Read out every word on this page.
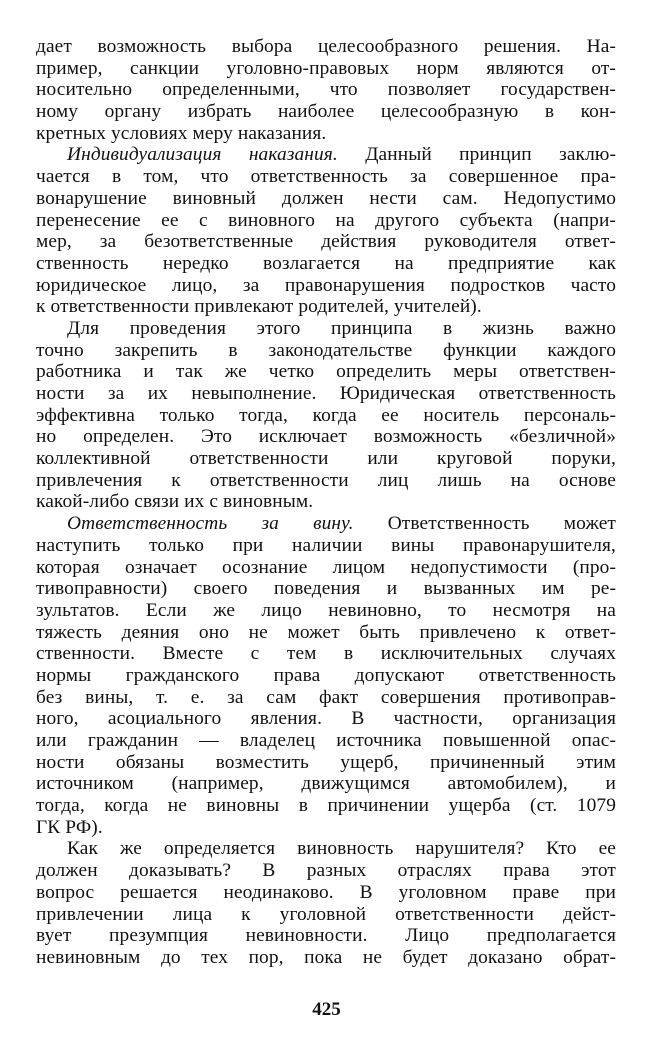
дает возможность выбора целесообразного решения. На-
пример, санкции уголовно-правовых норм являются от-
носительно определенными, что позволяет государствен-
ному органу избрать наиболее целесообразную в кон-
кретных условиях меру наказания.
Индивидуализация наказания. Данный принцип заклю-
чается в том, что ответственность за совершенное пра-
вонарушение виновный должен нести сам. Недопустимо
перенесение ее с виновного на другого субъекта (напри-
мер, за безответственные действия руководителя ответ-
ственность нередко возлагается на предприятие как
юридическое лицо, за правонарушения подростков часто
к ответственности привлекают родителей, учителей).
Для проведения этого принципа в жизнь важно
точно закрепить в законодательстве функции каждого
работника и так же четко определить меры ответствен-
ности за их невыполнение. Юридическая ответственность
эффективна только тогда, когда ее носитель персональ-
но определен. Это исключает возможность «безличной»
коллективной ответственности или круговой поруки,
привлечения к ответственности лиц лишь на основе
какой-либо связи их с виновным.
Ответственность за вину. Ответственность может
наступить только при наличии вины правонарушителя,
которая означает осознание лицом недопустимости (про-
тивоправности) своего поведения и вызванных им ре-
зультатов. Если же лицо невиновно, то несмотря на
тяжесть деяния оно не может быть привлечено к ответ-
ственности. Вместе с тем в исключительных случаях
нормы гражданского права допускают ответственность
без вины, т. е. за сам факт совершения противоправ-
ного, асоциального явления. В частности, организация
или гражданин — владелец источника повышенной опас-
ности обязаны возместить ущерб, причиненный этим
источником (например, движущимся автомобилем), и
тогда, когда не виновны в причинении ущерба (ст. 1079
ГК РФ).
Как же определяется виновность нарушителя? Кто ее
должен доказывать? В разных отраслях права этот
вопрос решается неодинаково. В уголовном праве при
привлечении лица к уголовной ответственности дейст-
вует презумпция невиновности. Лицо предполагается
невиновным до тех пор, пока не будет доказано обрат-
425
